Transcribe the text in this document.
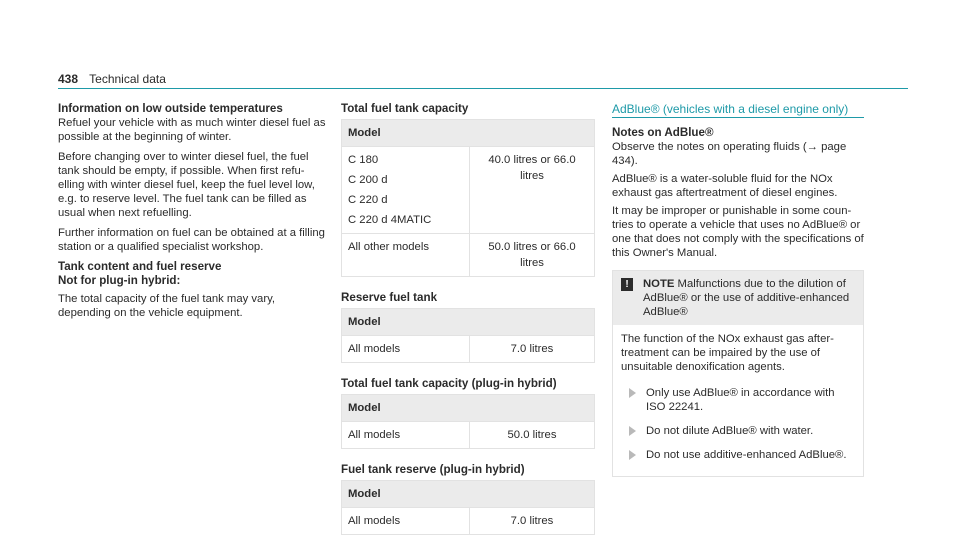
438 Technical data
Information on low outside temperatures

Refuel your vehicle with as much winter diesel fuel as possible at the beginning of winter.

Before changing over to winter diesel fuel, the fuel tank should be empty, if possible. When first refuelling with winter diesel fuel, keep the fuel level low, e.g. to reserve level. The fuel tank can be filled as usual when next refuelling.

Further information on fuel can be obtained at a filling station or a qualified specialist workshop.

Tank content and fuel reserve
Not for plug-in hybrid:

The total capacity of the fuel tank may vary, depending on the vehicle equipment.

Total fuel tank capacity
Model	

C 180
C 200 d
C 220 d
C 220 d 4MATIC	40.0 litres or 66.0 litres
All other models	50.0 litres or 66.0 litres
Reserve fuel tank
Model
All models	7.0 litres
Total fuel tank capacity (plug-in hybrid)
Model
All models	50.0 litres
Fuel tank reserve (plug-in hybrid)
Model
All models	7.0 litres
AdBlue® (vehicles with a diesel engine only)
Notes on AdBlue®

Observe the notes on operating fluids (→ page 434).

AdBlue® is a water-soluble fluid for the NOx exhaust gas aftertreatment of diesel engines.

It may be improper or punishable in some countries to operate a vehicle that uses no AdBlue® or one that does not comply with the specifications of this Owner's Manual.

!	NOTE Malfunctions due to the dilution of AdBlue® or the use of additive-enhanced AdBlue®

The function of the NOx exhaust gas aftertreatment can be impaired by the use of unsuitable denoxification agents.

Only use AdBlue® in accordance with ISO 22241.
Do not dilute AdBlue® with water.
Do not use additive-enhanced AdBlue®.
